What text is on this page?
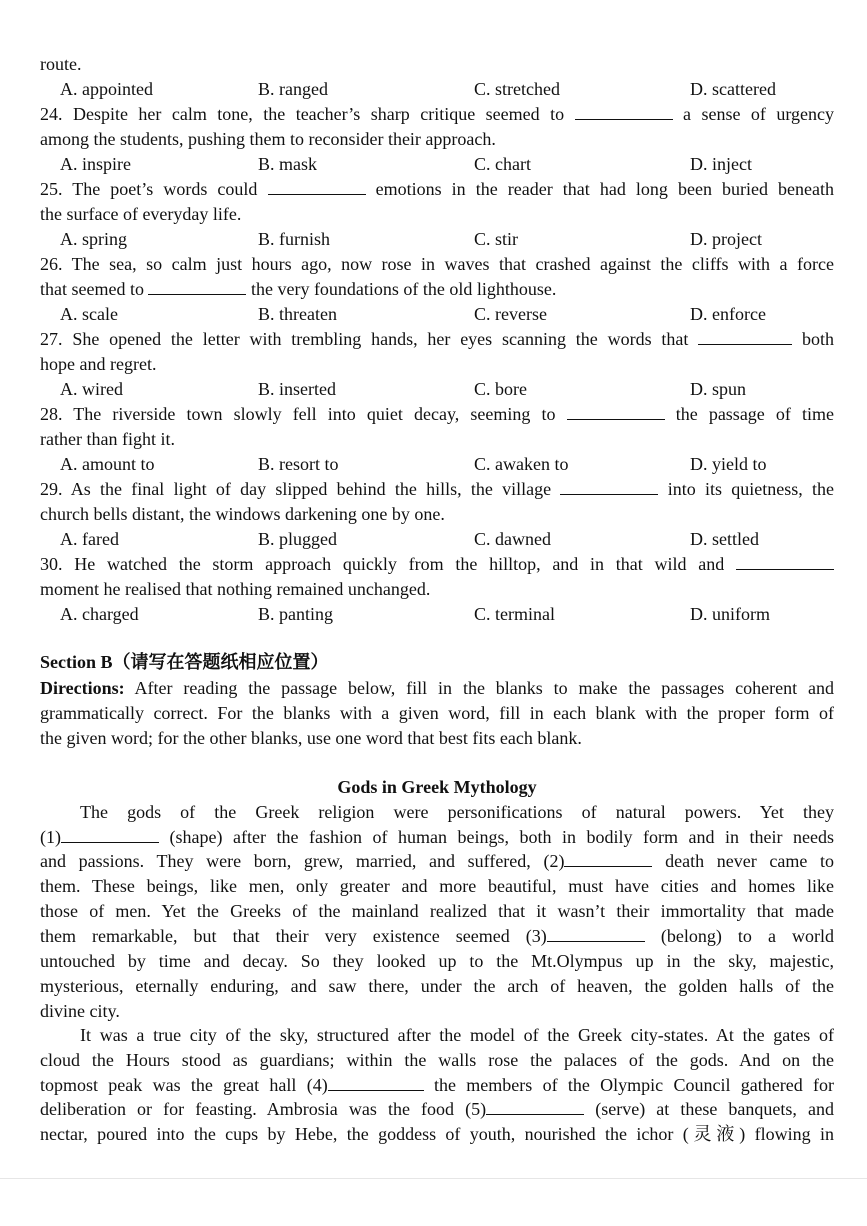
route.
A. appointed	B. ranged	C. stretched	D. scattered
24. Despite her calm tone, the teacher’s sharp critique seemed to	a sense of urgency
among the students, pushing them to reconsider their approach.
A. inspire	B. mask	C. chart	D. inject
25. The poet’s words could	emotions in the reader that had long been buried beneath
the surface of everyday life.
A. spring	B. furnish	C. stir	D. project
26. The sea, so calm just hours ago, now rose in waves that crashed against the cliffs with a force
that seemed to	the very foundations of the old lighthouse.
A. scale	B. threaten	C. reverse	D. enforce
27. She opened the letter with trembling hands, her eyes scanning the words that	both
hope and regret.
A. wired	B. inserted	C. bore	D. spun
28. The riverside town slowly fell into quiet decay, seeming to	the passage of time
rather than fight it.
A. amount to	B. resort to	C. awaken to	D. yield to
29. As the final light of day slipped behind the hills, the village	into its quietness, the
church bells distant, the windows darkening one by one.
A. fared	B. plugged	C. dawned	D. settled
30. He watched the storm approach quickly from the hilltop, and in that wild and
moment he realised that nothing remained unchanged.
A. charged	B. panting	C. terminal	D. uniform
Section B（请写在答题纸相应位置）
Directions: After reading the passage below, fill in the blanks to make the passages coherent and
grammatically correct. For the blanks with a given word, fill in each blank with the proper form of
the given word; for the other blanks, use one word that best fits each blank.
Gods in Greek Mythology
The gods of the Greek religion were personifications of natural powers. Yet they
(1)	(shape) after the fashion of human beings, both in bodily form and in their needs
and passions. They were born, grew, married, and suffered, (2)	death never came to
them. These beings, like men, only greater and more beautiful, must have cities and homes like
those of men. Yet the Greeks of the mainland realized that it wasn’t their immortality that made
them remarkable, but that their very existence seemed (3)	(belong) to a world
untouched by time and decay. So they looked up to the Mt.Olympus up in the sky, majestic,
mysterious, eternally enduring, and saw there, under the arch of heaven, the golden halls of the
divine city.
It was a true city of the sky, structured after the model of the Greek city-states. At the gates of
cloud the Hours stood as guardians; within the walls rose the palaces of the gods. And on the
topmost peak was the great hall (4)	the members of the Olympic Council gathered for
deliberation or for feasting. Ambrosia was the food (5)	(serve) at these banquets, and
nectar, poured into the cups by Hebe, the goddess of youth, nourished the ichor (灵液) flowing in
